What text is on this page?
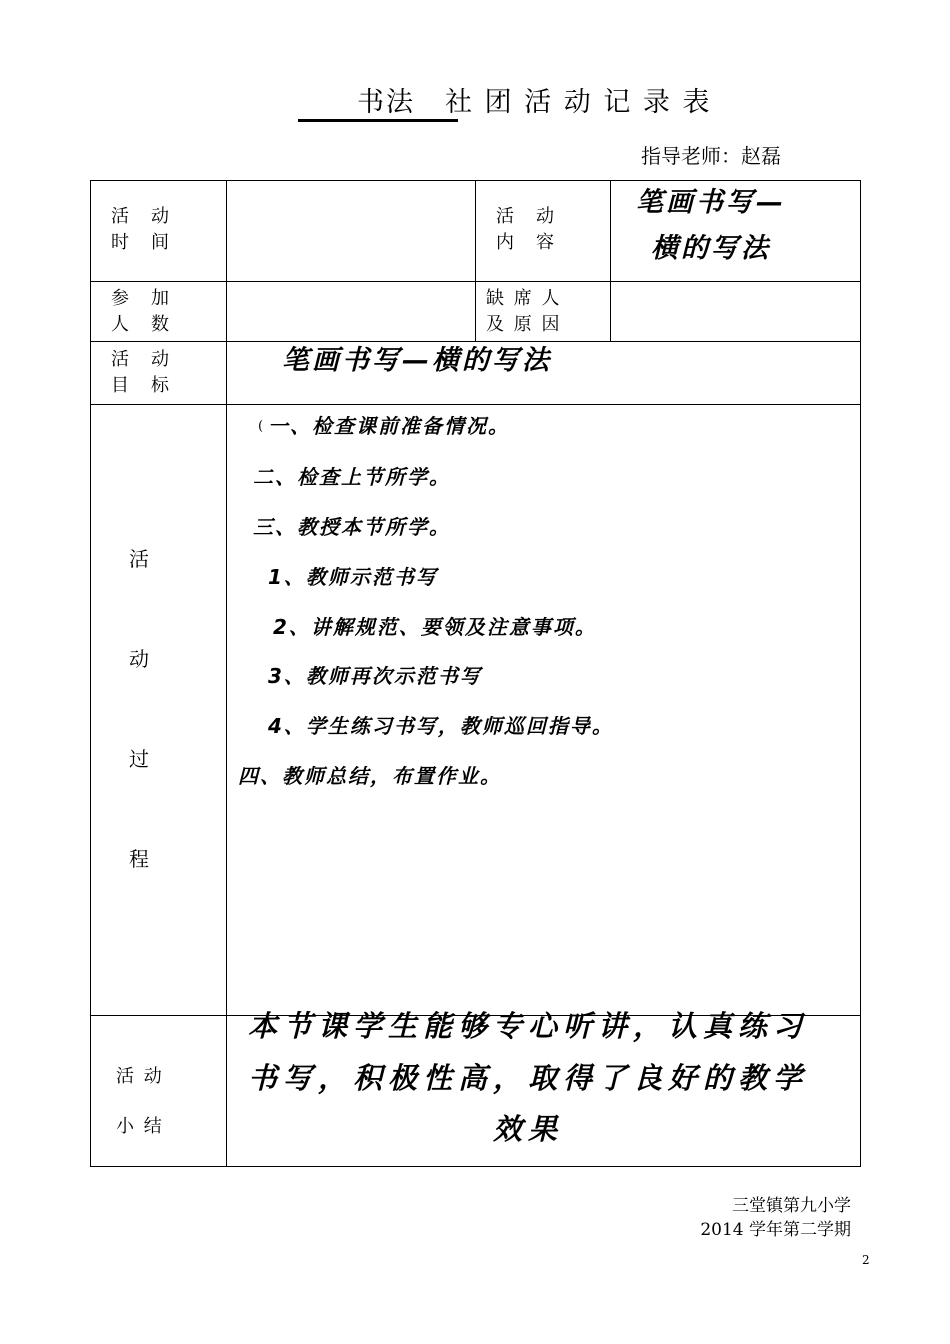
书法 社 团 活 动 记 录 表
指导老师：赵磊
活　动
时　间
活　动
内　容
笔画书写—
横的写法
参　加
人　数
缺 席 人
及 原 因
活　动
目　标
笔画书写—横的写法
活
动
过
程
( 一、检查课前准备情况。
二、检查上节所学。
三、教授本节所学。
1、教师示范书写
2、讲解规范、要领及注意事项。
3、教师再次示范书写
4、学生练习书写，教师巡回指导。
四、教师总结，布置作业。
活 动
小 结
本节课学生能够专心听讲，认真练习
书写，积极性高，取得了良好的教学
效果
三堂镇第九小学
2014 学年第二学期
2
